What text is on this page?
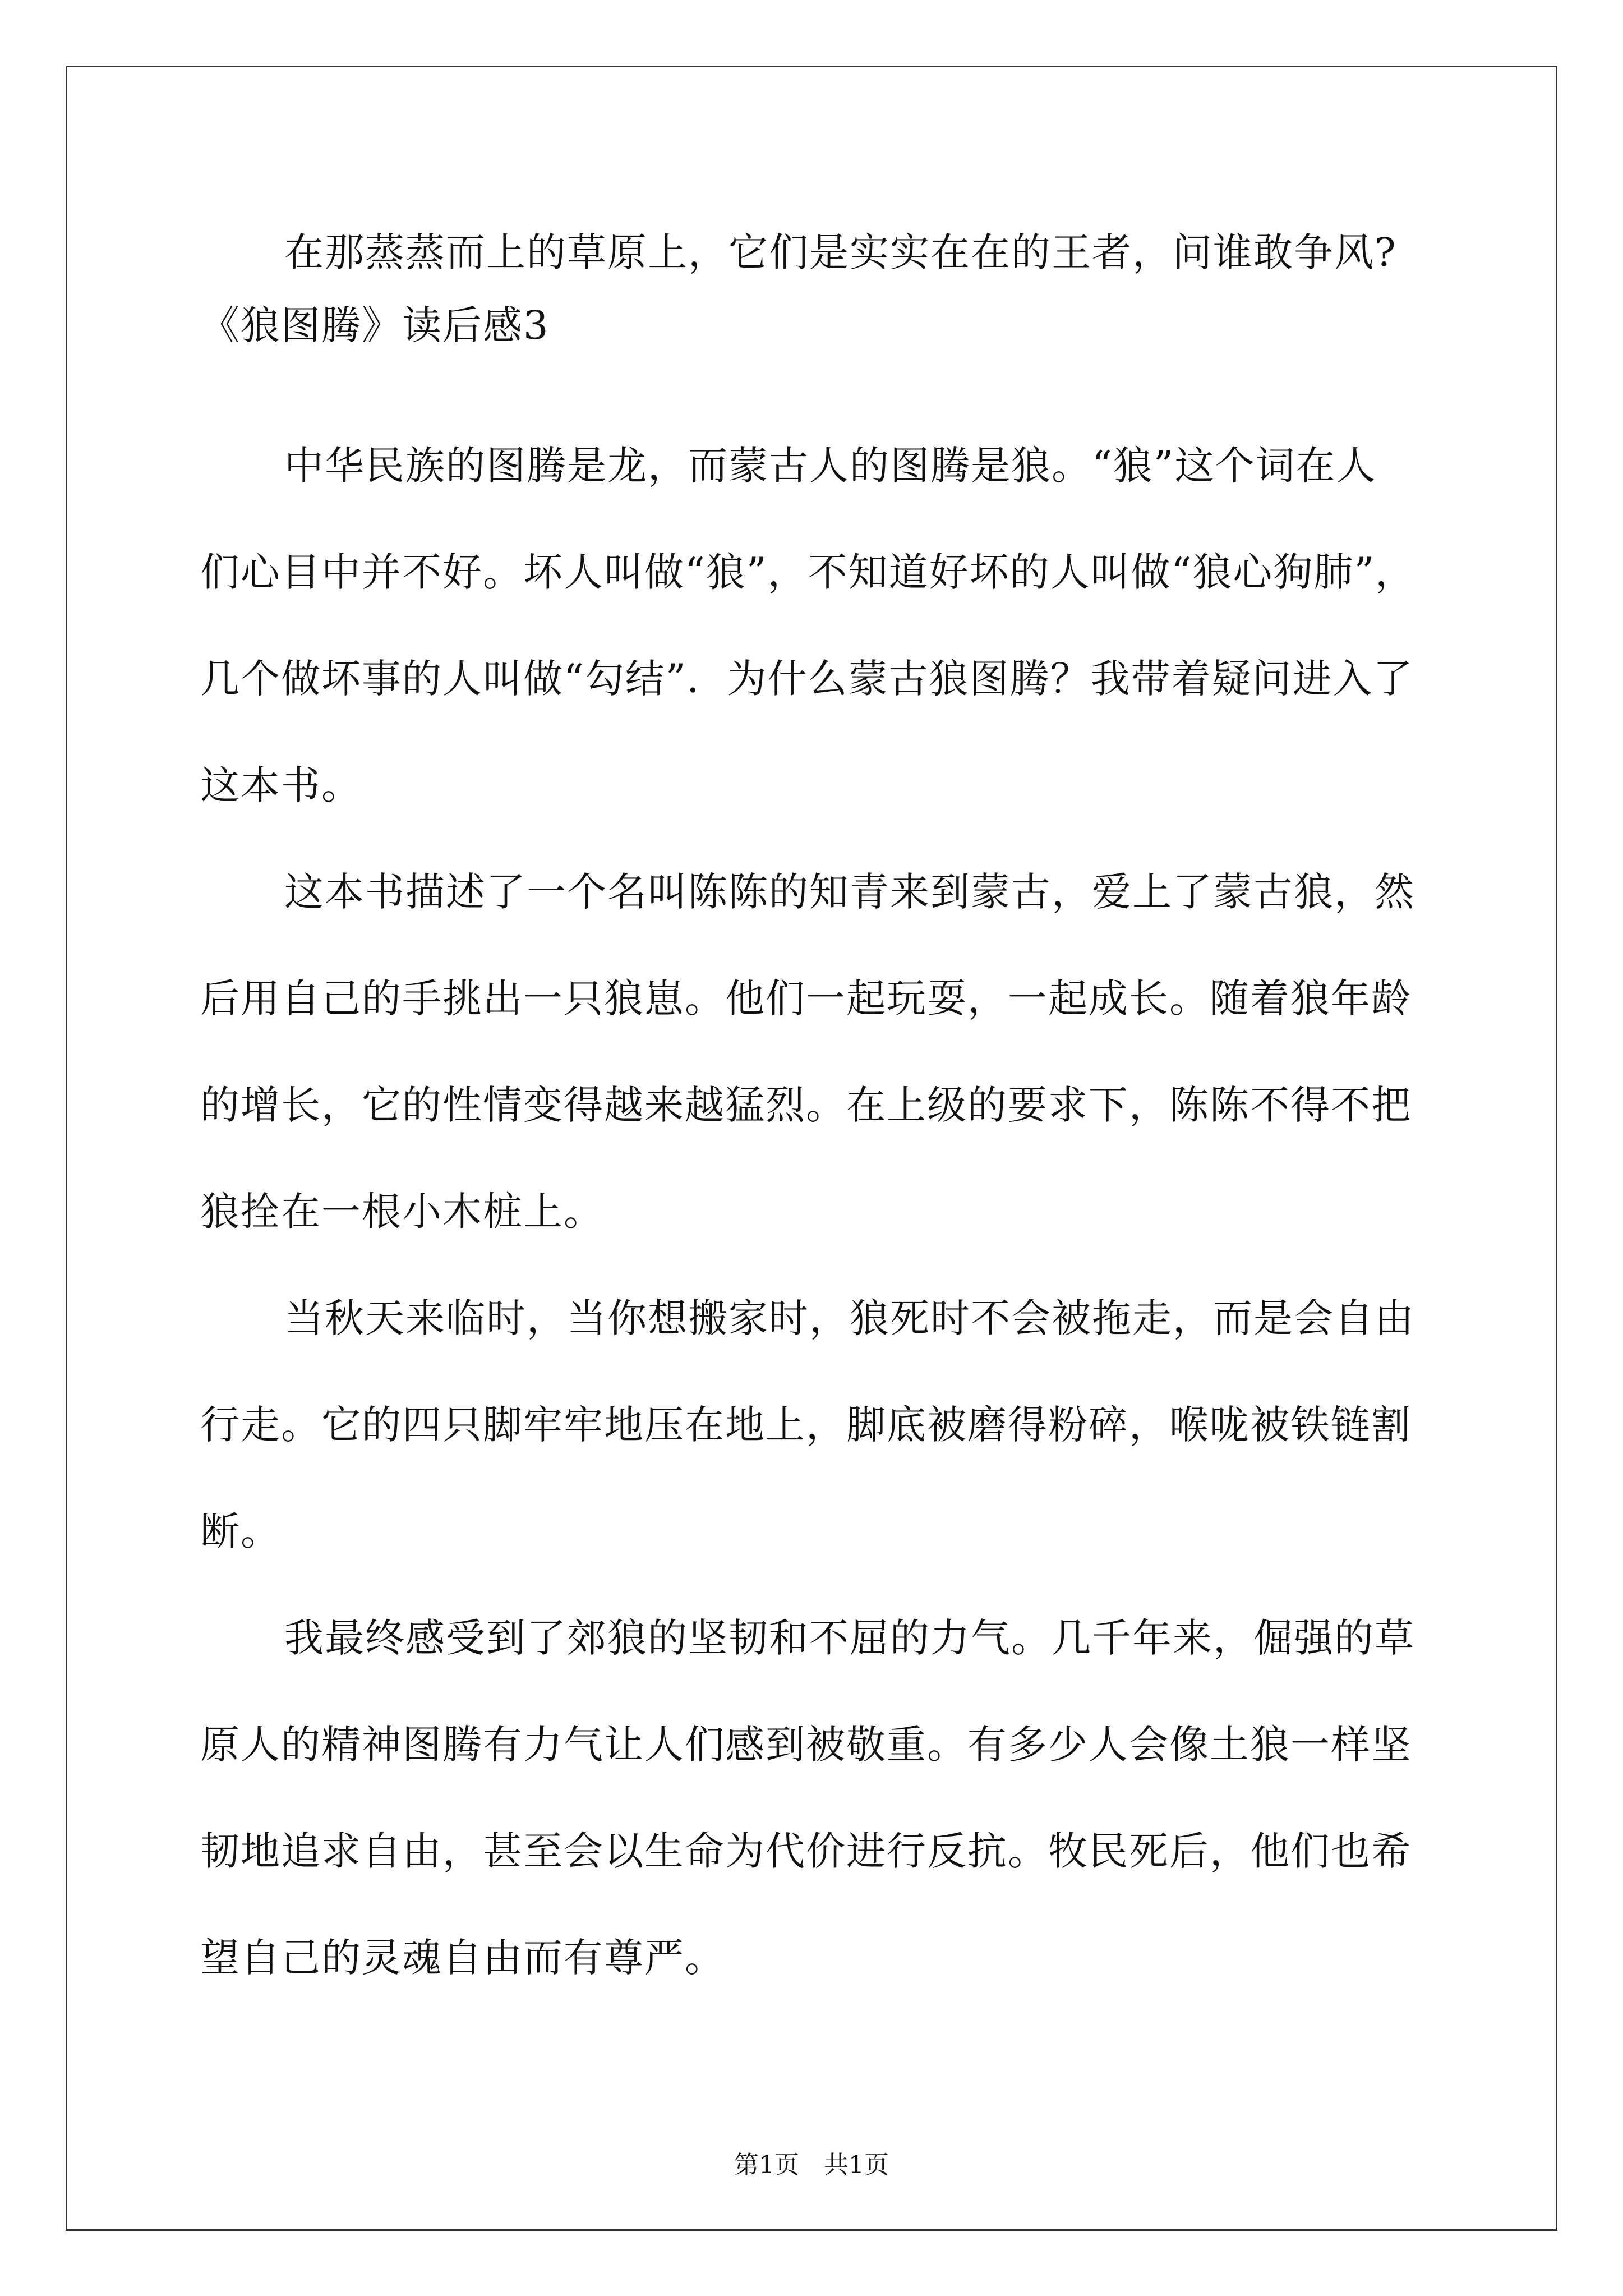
在那蒸蒸而上的草原上，它们是实实在在的王者，问谁敢争风?
《狼图腾》读后感3
中华民族的图腾是龙，而蒙古人的图腾是狼。“狼”这个词在人
们心目中并不好。坏人叫做“狼”，不知道好坏的人叫做“狼心狗肺”，
几个做坏事的人叫做“勾结”．为什么蒙古狼图腾？我带着疑问进入了
这本书。
这本书描述了一个名叫陈陈的知青来到蒙古，爱上了蒙古狼，然
后用自己的手挑出一只狼崽。他们一起玩耍，一起成长。随着狼年龄
的增长，它的性情变得越来越猛烈。在上级的要求下，陈陈不得不把
狼拴在一根小木桩上。
当秋天来临时，当你想搬家时，狼死时不会被拖走，而是会自由
行走。它的四只脚牢牢地压在地上，脚底被磨得粉碎，喉咙被铁链割
断。
我最终感受到了郊狼的坚韧和不屈的力气。几千年来，倔强的草
原人的精神图腾有力气让人们感到被敬重。有多少人会像土狼一样坚
韧地追求自由，甚至会以生命为代价进行反抗。牧民死后，他们也希
望自己的灵魂自由而有尊严。
第1页　共1页
